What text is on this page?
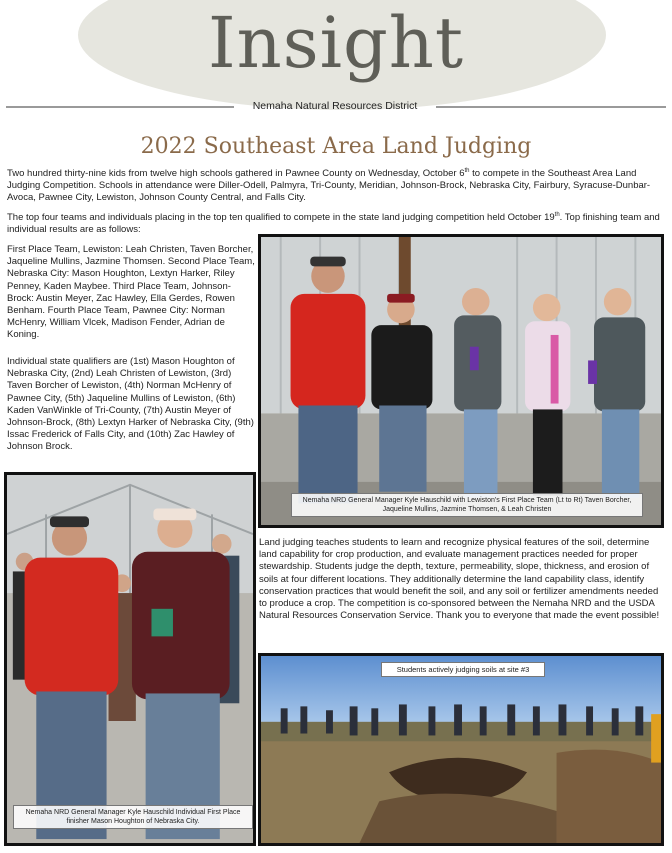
Insight
Nemaha Natural Resources District
2022 Southeast Area Land Judging

Two hundred thirty-nine kids from twelve high schools gathered in Pawnee County on Wednesday, October 6th to compete in the Southeast Area Land Judging Competition. Schools in attendance were Diller-Odell, Palmyra, Tri-County, Meridian, Johnson-Brock, Nebraska City, Fairbury, Syracuse-Dunbar-Avoca, Pawnee City, Lewiston, Johnson County Central, and Falls City.

The top four teams and individuals placing in the top ten qualified to compete in the state land judging competition held October 19th. Top finishing team and individual results are as follows:

First Place Team, Lewiston: Leah Christen, Taven Borcher, Jaqueline Mullins, Jazmine Thomsen. Second Place Team, Nebraska City: Mason Houghton, Lextyn Harker, Riley Penney, Kaden Maybee. Third Place Team, Johnson-Brock: Austin Meyer, Zac Hawley, Ella Gerdes, Rowen Benham. Fourth Place Team, Pawnee City: Norman McHenry, William Vlcek, Madison Fender, Adrian de Koning.

Individual state qualifiers are (1st) Mason Houghton of Nebraska City, (2nd) Leah Christen of Lewiston, (3rd) Taven Borcher of Lewiston, (4th) Norman McHenry of Pawnee City, (5th) Jaqueline Mullins of Lewiston, (6th) Kaden VanWinkle of Tri-County, (7th) Austin Meyer of Johnson-Brock, (8th) Lextyn Harker of Nebraska City, (9th) Issac Frederick of Falls City, and (10th) Zac Hawley of Johnson Brock.

Nemaha NRD General Manager Kyle Hauschild with Lewiston's First Place Team (Lt to Rt) Taven Borcher, Jaqueline Mullins, Jazmine Thomsen, & Leah Christen
Nemaha NRD General Manager Kyle Hauschild Individual First Place finisher Mason Houghton of Nebraska City.

Land judging teaches students to learn and recognize physical features of the soil, determine land capability for crop production, and evaluate management practices needed for proper stewardship. Students judge the depth, texture, permeability, slope, thickness, and erosion of soils at four different locations. They additionally determine the land capability class, identify conservation practices that would benefit the soil, and any soil or fertilizer amendments needed to produce a crop. The competition is co-sponsored between the Nemaha NRD and the USDA Natural Resources Conservation Service. Thank you to everyone that made the event possible!

Students actively judging soils at site #3
